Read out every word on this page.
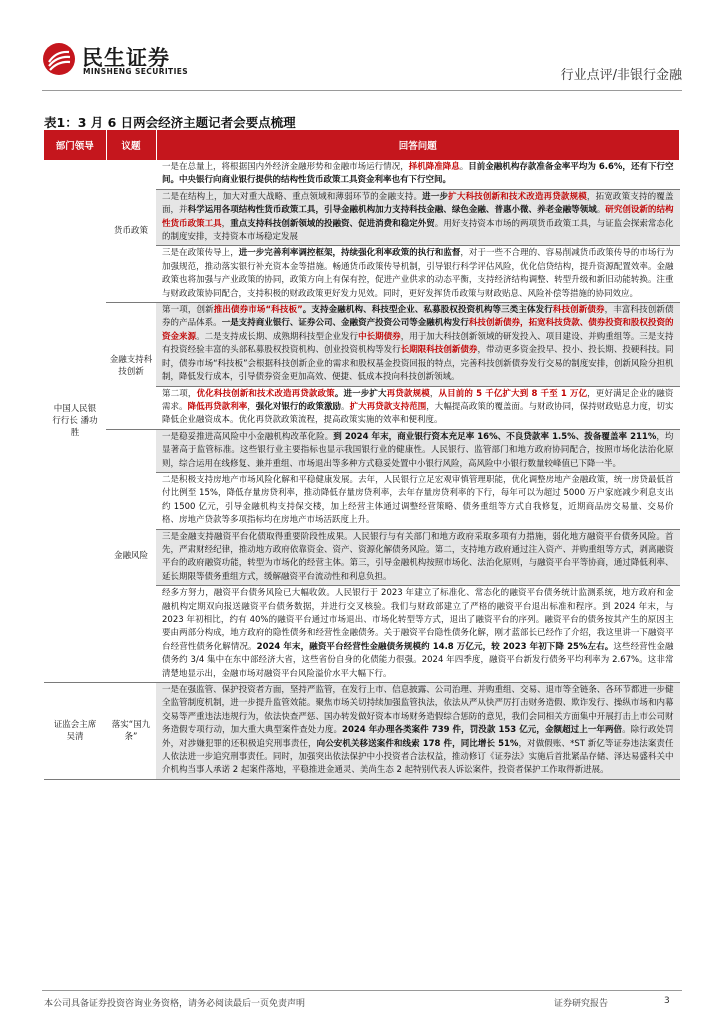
民生证券
MINSHENG SECURITIES	行业点评/非银行金融
表1：3 月 6 日两会经济主题记者会要点梳理
部门领导	议题	回答问题
中国人民银行行长 潘功胜	货币政策	一是在总量上，将根据国内外经济金融形势和金融市场运行情况，择机降准降息。目前金融机构存款准备金率平均为 6.6%，还有下行空间。中央银行向商业银行提供的结构性货币政策工具资金利率也有下行空间。
		二是在结构上，加大对重大战略、重点领域和薄弱环节的金融支持。进一步扩大科技创新和技术改造再贷款规模，拓宽政策支持的覆盖面，并科学运用各项结构性货币政策工具，引导金融机构加力支持科技金融、绿色金融、普惠小微、养老金融等领域。研究创设新的结构性货币政策工具，重点支持科技创新领域的投融资、促进消费和稳定外贸。用好支持资本市场的两项货币政策工具，与证监会探索常态化的制度安排，支持资本市场稳定发展
		三是在政策传导上，进一步完善利率调控框架，持续强化利率政策的执行和监督，对于一些不合理的、容易削减货币政策传导的市场行为加强规范，推动落实银行补充资本金等措施。畅通货币政策传导机制，引导银行科学评估风险，优化信贷结构，提升资源配置效率。金融政策也将加强与产业政策的协同，政策方向上有保有控，促进产业供求的动态平衡，支持经济结构调整、转型升级和新旧动能转换。注重与财政政策协同配合，支持积极的财政政策更好发力见效。同时，更好发挥货币政策与财政贴息、风险补偿等措施的协同效应。
	金融支持科技创新	第一项，创新推出债券市场“科技板”。支持金融机构、科技型企业、私募股权投资机构等三类主体发行科技创新债券，丰富科技创新债券的产品体系。一是支持商业银行、证券公司、金融资产投资公司等金融机构发行科技创新债券，拓宽科技贷款、债券投资和股权投资的资金来源。二是支持成长期、成熟期科技型企业发行中长期债券，用于加大科技创新领域的研发投入、项目建设、并购重组等。三是支持有投资经验丰富的头部私募股权投资机构、创业投资机构等发行长期限科技创新债券，带动更多资金投早、投小、投长期、投硬科技。同时，债券市场“科技板”会根据科技创新企业的需求和股权基金投资回报的特点，完善科技创新债券发行交易的制度安排，创新风险分担机制，降低发行成本，引导债券资金更加高效、便捷、低成本投向科技创新领域。
		第二项，优化科技创新和技术改造再贷款政策。进一步扩大再贷款规模，从目前的 5 千亿扩大到 8 千至 1 万亿，更好满足企业的融资需求。降低再贷款利率，强化对银行的政策激励。扩大再贷款支持范围，大幅提高政策的覆盖面。与财政协同，保持财政贴息力度，切实降低企业融资成本。优化再贷款政策流程，提高政策实施的效率和便利度。
	金融风险	一是稳妥推进高风险中小金融机构改革化险。到 2024 年末，商业银行资本充足率 16%、不良贷款率 1.5%、拨备覆盖率 211%，均显著高于监管标准。这些银行业主要指标也显示我国银行业的健康性。人民银行、监管部门和地方政府协同配合，按照市场化法治化原则，综合运用在线修复、兼并重组、市场退出等多种方式稳妥处置中小银行风险，高风险中小银行数量较峰值已下降一半。
		二是积极支持房地产市场风险化解和平稳健康发展。去年，人民银行立足宏观审慎管理职能，优化调整房地产金融政策，统一房贷最低首付比例至 15%，降低存量房贷利率，推动降低存量房贷利率，去年存量房贷利率的下行，每年可以为超过 5000 万户家庭减少利息支出约 1500 亿元，引导金融机构支持保交楼，加上经营主体通过调整经营策略、债务重组等方式自我修复，近期商品房交易量、交易价格、房地产贷款等多项指标均在房地产市场活跃度上升。
		三是金融支持融资平台化债取得重要阶段性成果。人民银行与有关部门和地方政府采取多项有力措施，弱化地方融资平台债务风险。首先，严肃财经纪律，推动地方政府依靠资金、资产、资源化解债务风险。第二，支持地方政府通过注入资产、并购重组等方式，剥离融资平台的政府融资功能，转型为市场化的经营主体。第三，引导金融机构按照市场化、法治化原则，与融资平台平等协商，通过降低利率、延长期限等债务重组方式，缓解融资平台流动性和利息负担。
		经多方努力，融资平台债务风险已大幅收敛。人民银行于 2023 年建立了标准化、常态化的融资平台债务统计监测系统，地方政府和金融机构定期双向报送融资平台债务数据，并进行交叉核验。我们与财政部建立了严格的融资平台退出标准和程序。到 2024 年末，与 2023 年初相比，约有 40%的融资平台通过市场退出、市场化转型等方式，退出了融资平台的序列。融资平台的债务按其产生的原因主要由两部分构成，地方政府的隐性债务和经营性金融债务。关于融资平台隐性债务化解，刚才蓝部长已经作了介绍，我这里讲一下融资平台经营性债务化解情况。2024 年末，融资平台经营性金融债务规模约 14.8 万亿元，较 2023 年初下降 25%左右。这些经营性金融债务约 3/4 集中在东中部经济大省，这些省份自身的化债能力很强。2024 年四季度，融资平台新发行债务平均利率为 2.67%。这非常清楚地显示出，金融市场对融资平台风险溢价水平大幅下行。
证监会主席 吴清	落实“国九条”	一是在强监管、保护投资者方面，坚持严监管，在发行上市、信息披露、公司治理、并购重组、交易、退市等全链条、各环节都进一步健全监管制度机制，进一步提升监管效能。聚焦市场关切持续加强监管执法，依法从严从快严厉打击财务造假、欺诈发行、操纵市场和内幕交易等严重违法违规行为，依法快查严惩、国办转发做好资本市场财务造假综合惩防的意见，我们会同相关方面集中开展打击上市公司财务造假专项行动，加大重大典型案件查处力度。2024 年办理各类案件 739 件，罚没款 153 亿元，金额超过上一年两倍。除行政处罚外，对涉嫌犯罪的还积极追究刑事责任，向公安机关移送案件和线索 178 件，同比增长 51%，对做假账、*ST 新亿等证券违法案责任人依法进一步追究刑事责任。同时，加强突出依法保护中小投资者合法权益，推动修订《证券法》实施后首批紧品存储、泽达易盛科关中介机构当事人承诺 2 起案件落地，平稳推进金通灵、美尚生态 2 起特别代表人诉讼案件，投资者保护工作取得新进展。
本公司具备证券投资咨询业务资格，请务必阅读最后一页免责声明	证券研究报告	3
